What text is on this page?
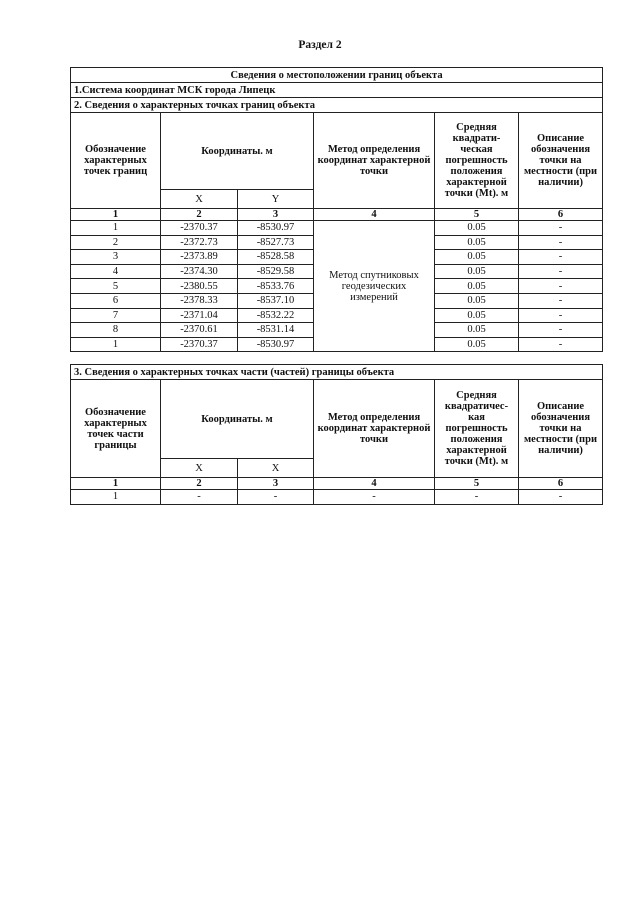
Раздел 2
Сведения о местоположении границ объекта					
1.Система координат МСК города Липецк					
2. Сведения о характерных точках границ объекта					
Обозначение характерных точек границ	Координаты. м		Метод определения координат характерной точки	Средняя квадрати-ческая погрешность положения характерной точки (Mt). м	Описание обозначения точки на местности (при наличии)
	X	Y			
1	2	3	4	5	6
1	-2370.37	-8530.97	Метод спутниковых геодезических измерений	0.05	-
2	-2372.73	-8527.73		0.05	-
3	-2373.89	-8528.58		0.05	-
4	-2374.30	-8529.58		0.05	-
5	-2380.55	-8533.76		0.05	-
6	-2378.33	-8537.10		0.05	-
7	-2371.04	-8532.22		0.05	-
8	-2370.61	-8531.14		0.05	-
1	-2370.37	-8530.97		0.05	-
3. Сведения о характерных точках части (частей) границы объекта					
Обозначение характерных точек части границы	Координаты. м		Метод определения координат характерной точки	Средняя квадратичес-кая погрешность положения характерной точки (Mt). м	Описание обозначения точки на местности (при наличии)
	X	X			
1	2	3	4	5	6
1	-	-	-	-	-
